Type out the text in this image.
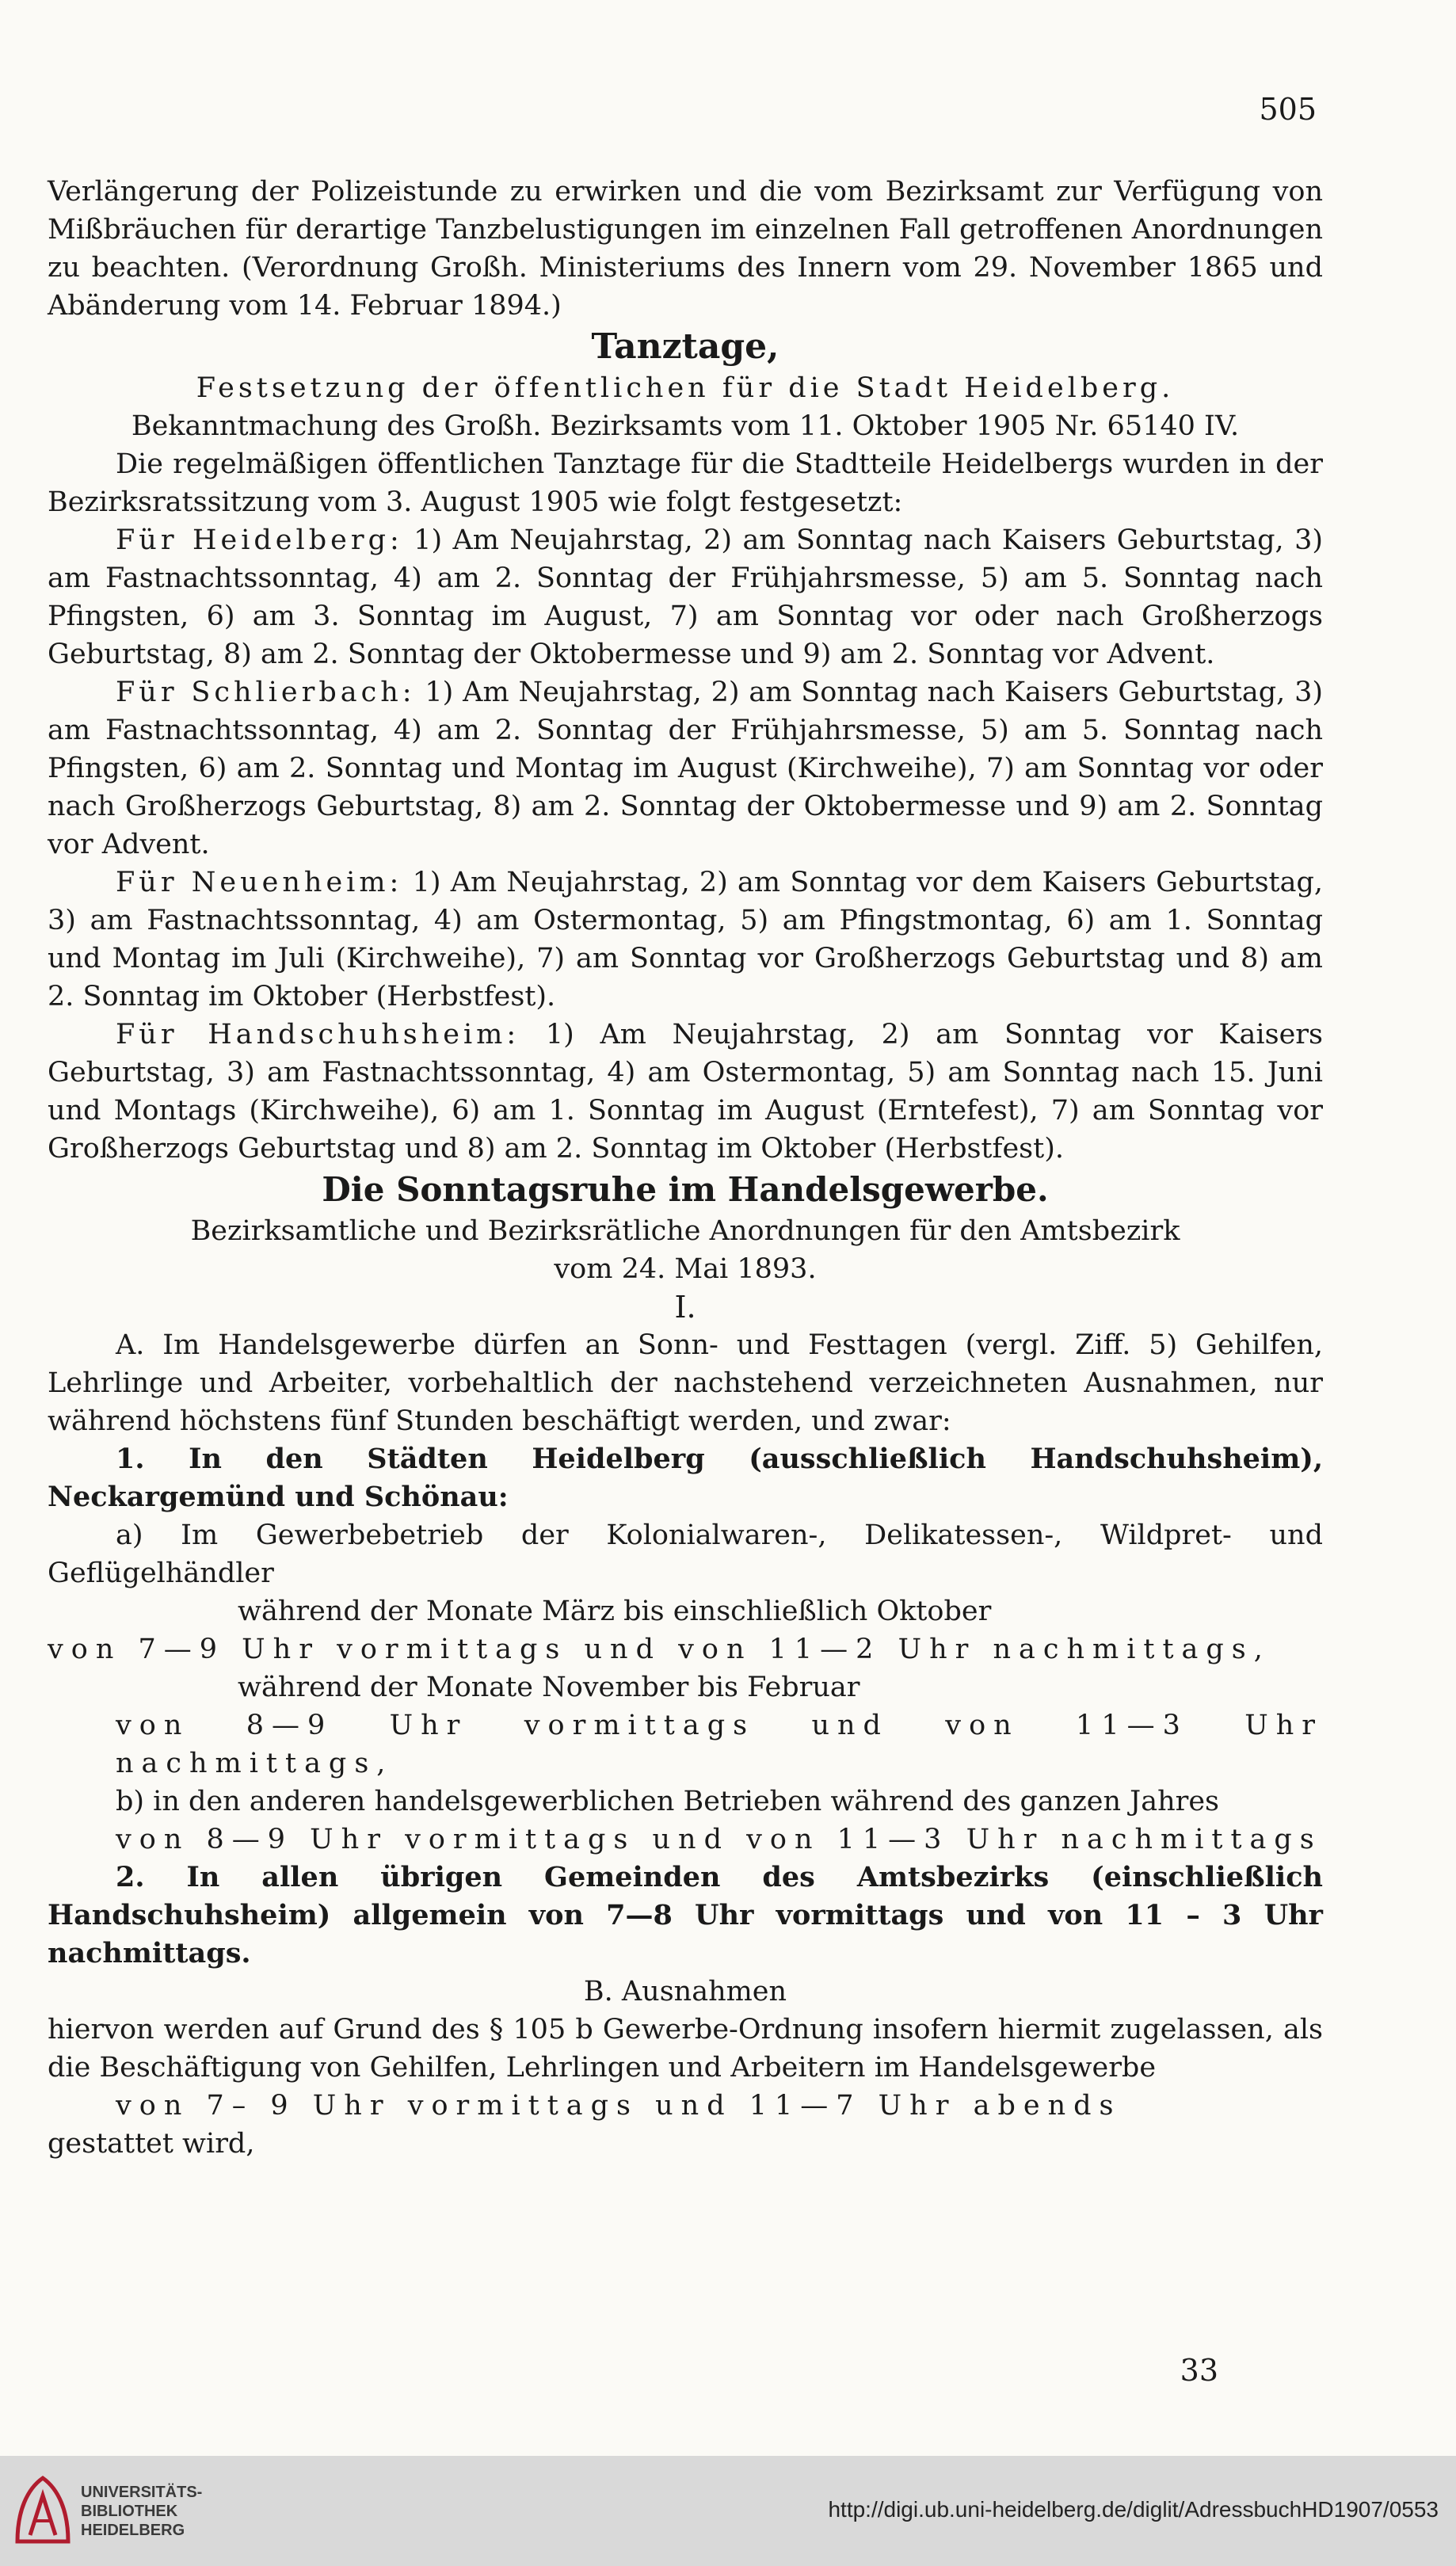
505

Verlängerung der Polizeistunde zu erwirken und die vom Bezirksamt zur Verfügung von Mißbräuchen für derartige Tanzbelustigungen im einzelnen Fall getroffenen Anordnungen zu beachten. (Verordnung Großh. Ministeriums des Innern vom 29. November 1865 und Abänderung vom 14. Februar 1894.)

Tanztage,

Festsetzung der öffentlichen für die Stadt Heidelberg.

Bekanntmachung des Großh. Bezirksamts vom 11. Oktober 1905 Nr. 65140 IV.

Die regelmäßigen öffentlichen Tanztage für die Stadtteile Heidelbergs wurden in der Bezirksratssitzung vom 3. August 1905 wie folgt festgesetzt:

Für Heidelberg: 1) Am Neujahrstag, 2) am Sonntag nach Kaisers Geburtstag, 3) am Fastnachtssonntag, 4) am 2. Sonntag der Frühjahrsmesse, 5) am 5. Sonntag nach Pfingsten, 6) am 3. Sonntag im August, 7) am Sonntag vor oder nach Großherzogs Geburtstag, 8) am 2. Sonntag der Oktobermesse und 9) am 2. Sonntag vor Advent.

Für Schlierbach: 1) Am Neujahrstag, 2) am Sonntag nach Kaisers Geburtstag, 3) am Fastnachtssonntag, 4) am 2. Sonntag der Frühjahrsmesse, 5) am 5. Sonntag nach Pfingsten, 6) am 2. Sonntag und Montag im August (Kirchweihe), 7) am Sonntag vor oder nach Großherzogs Geburtstag, 8) am 2. Sonntag der Oktobermesse und 9) am 2. Sonntag vor Advent.

Für Neuenheim: 1) Am Neujahrstag, 2) am Sonntag vor dem Kaisers Geburtstag, 3) am Fastnachtssonntag, 4) am Ostermontag, 5) am Pfingstmontag, 6) am 1. Sonntag und Montag im Juli (Kirchweihe), 7) am Sonntag vor Großherzogs Geburtstag und 8) am 2. Sonntag im Oktober (Herbstfest).

Für Handschuhsheim: 1) Am Neujahrstag, 2) am Sonntag vor Kaisers Geburtstag, 3) am Fastnachtssonntag, 4) am Ostermontag, 5) am Sonntag nach 15. Juni und Montags (Kirchweihe), 6) am 1. Sonntag im August (Erntefest), 7) am Sonntag vor Großherzogs Geburtstag und 8) am 2. Sonntag im Oktober (Herbstfest).

Die Sonntagsruhe im Handelsgewerbe.

Bezirksamtliche und Bezirksrätliche Anordnungen für den Amtsbezirk

vom 24. Mai 1893.

I.

A. Im Handelsgewerbe dürfen an Sonn- und Festtagen (vergl. Ziff. 5) Gehilfen, Lehrlinge und Arbeiter, vorbehaltlich der nachstehend verzeichneten Ausnahmen, nur während höchstens fünf Stunden beschäftigt werden, und zwar:

1. In den Städten Heidelberg (ausschließlich Handschuhsheim), Neckargemünd und Schönau:

a) Im Gewerbebetrieb der Kolonialwaren-, Delikatessen-, Wildpret- und Geflügelhändler

während der Monate März bis einschließlich Oktober

von 7—9 Uhr vormittags und von 11—2 Uhr nachmittags,

während der Monate November bis Februar

von 8—9 Uhr vormittags und von 11—3 Uhr nachmittags,

b) in den anderen handelsgewerblichen Betrieben während des ganzen Jahres

von 8—9 Uhr vormittags und von 11—3 Uhr nachmittags

2. In allen übrigen Gemeinden des Amtsbezirks (einschließlich Handschuhsheim) allgemein von 7—8 Uhr vormittags und von 11 – 3 Uhr nachmittags.

B. Ausnahmen

hiervon werden auf Grund des § 105 b Gewerbe-Ordnung insofern hiermit zugelassen, als die Beschäftigung von Gehilfen, Lehrlingen und Arbeitern im Handelsgewerbe

von 7– 9 Uhr vormittags und 11—7 Uhr abends

gestattet wird,

33
UNIVERSITÄTS-
BIBLIOTHEK
HEIDELBERG
http://digi.ub.uni-heidelberg.de/diglit/AdressbuchHD1907/0553
